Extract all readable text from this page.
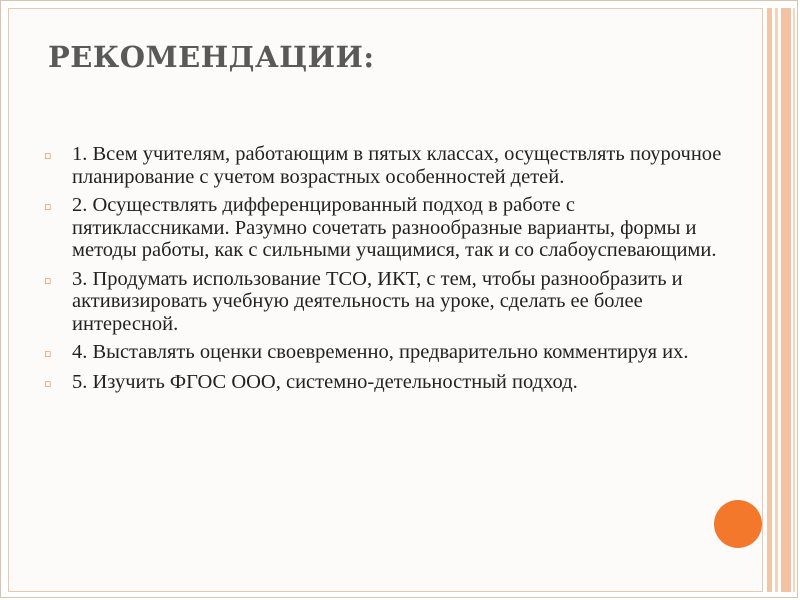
РЕКОМЕНДАЦИИ:
▫	1. Всем учителям, работающим в пятых классах, осуществлять поурочное планирование с учетом возрастных особенностей детей.
▫	2. Осуществлять дифференцированный подход в работе с пятиклассниками. Разумно сочетать разнообразные варианты, формы и методы работы, как с сильными учащимися, так и со слабоуспевающими.
▫	3. Продумать использование ТСО, ИКТ, с тем, чтобы разнообразить и активизировать учебную деятельность на уроке, сделать ее более интересной.
▫	4. Выставлять оценки своевременно, предварительно комментируя их.
▫	5. Изучить ФГОС ООО, системно-детельностный подход.
